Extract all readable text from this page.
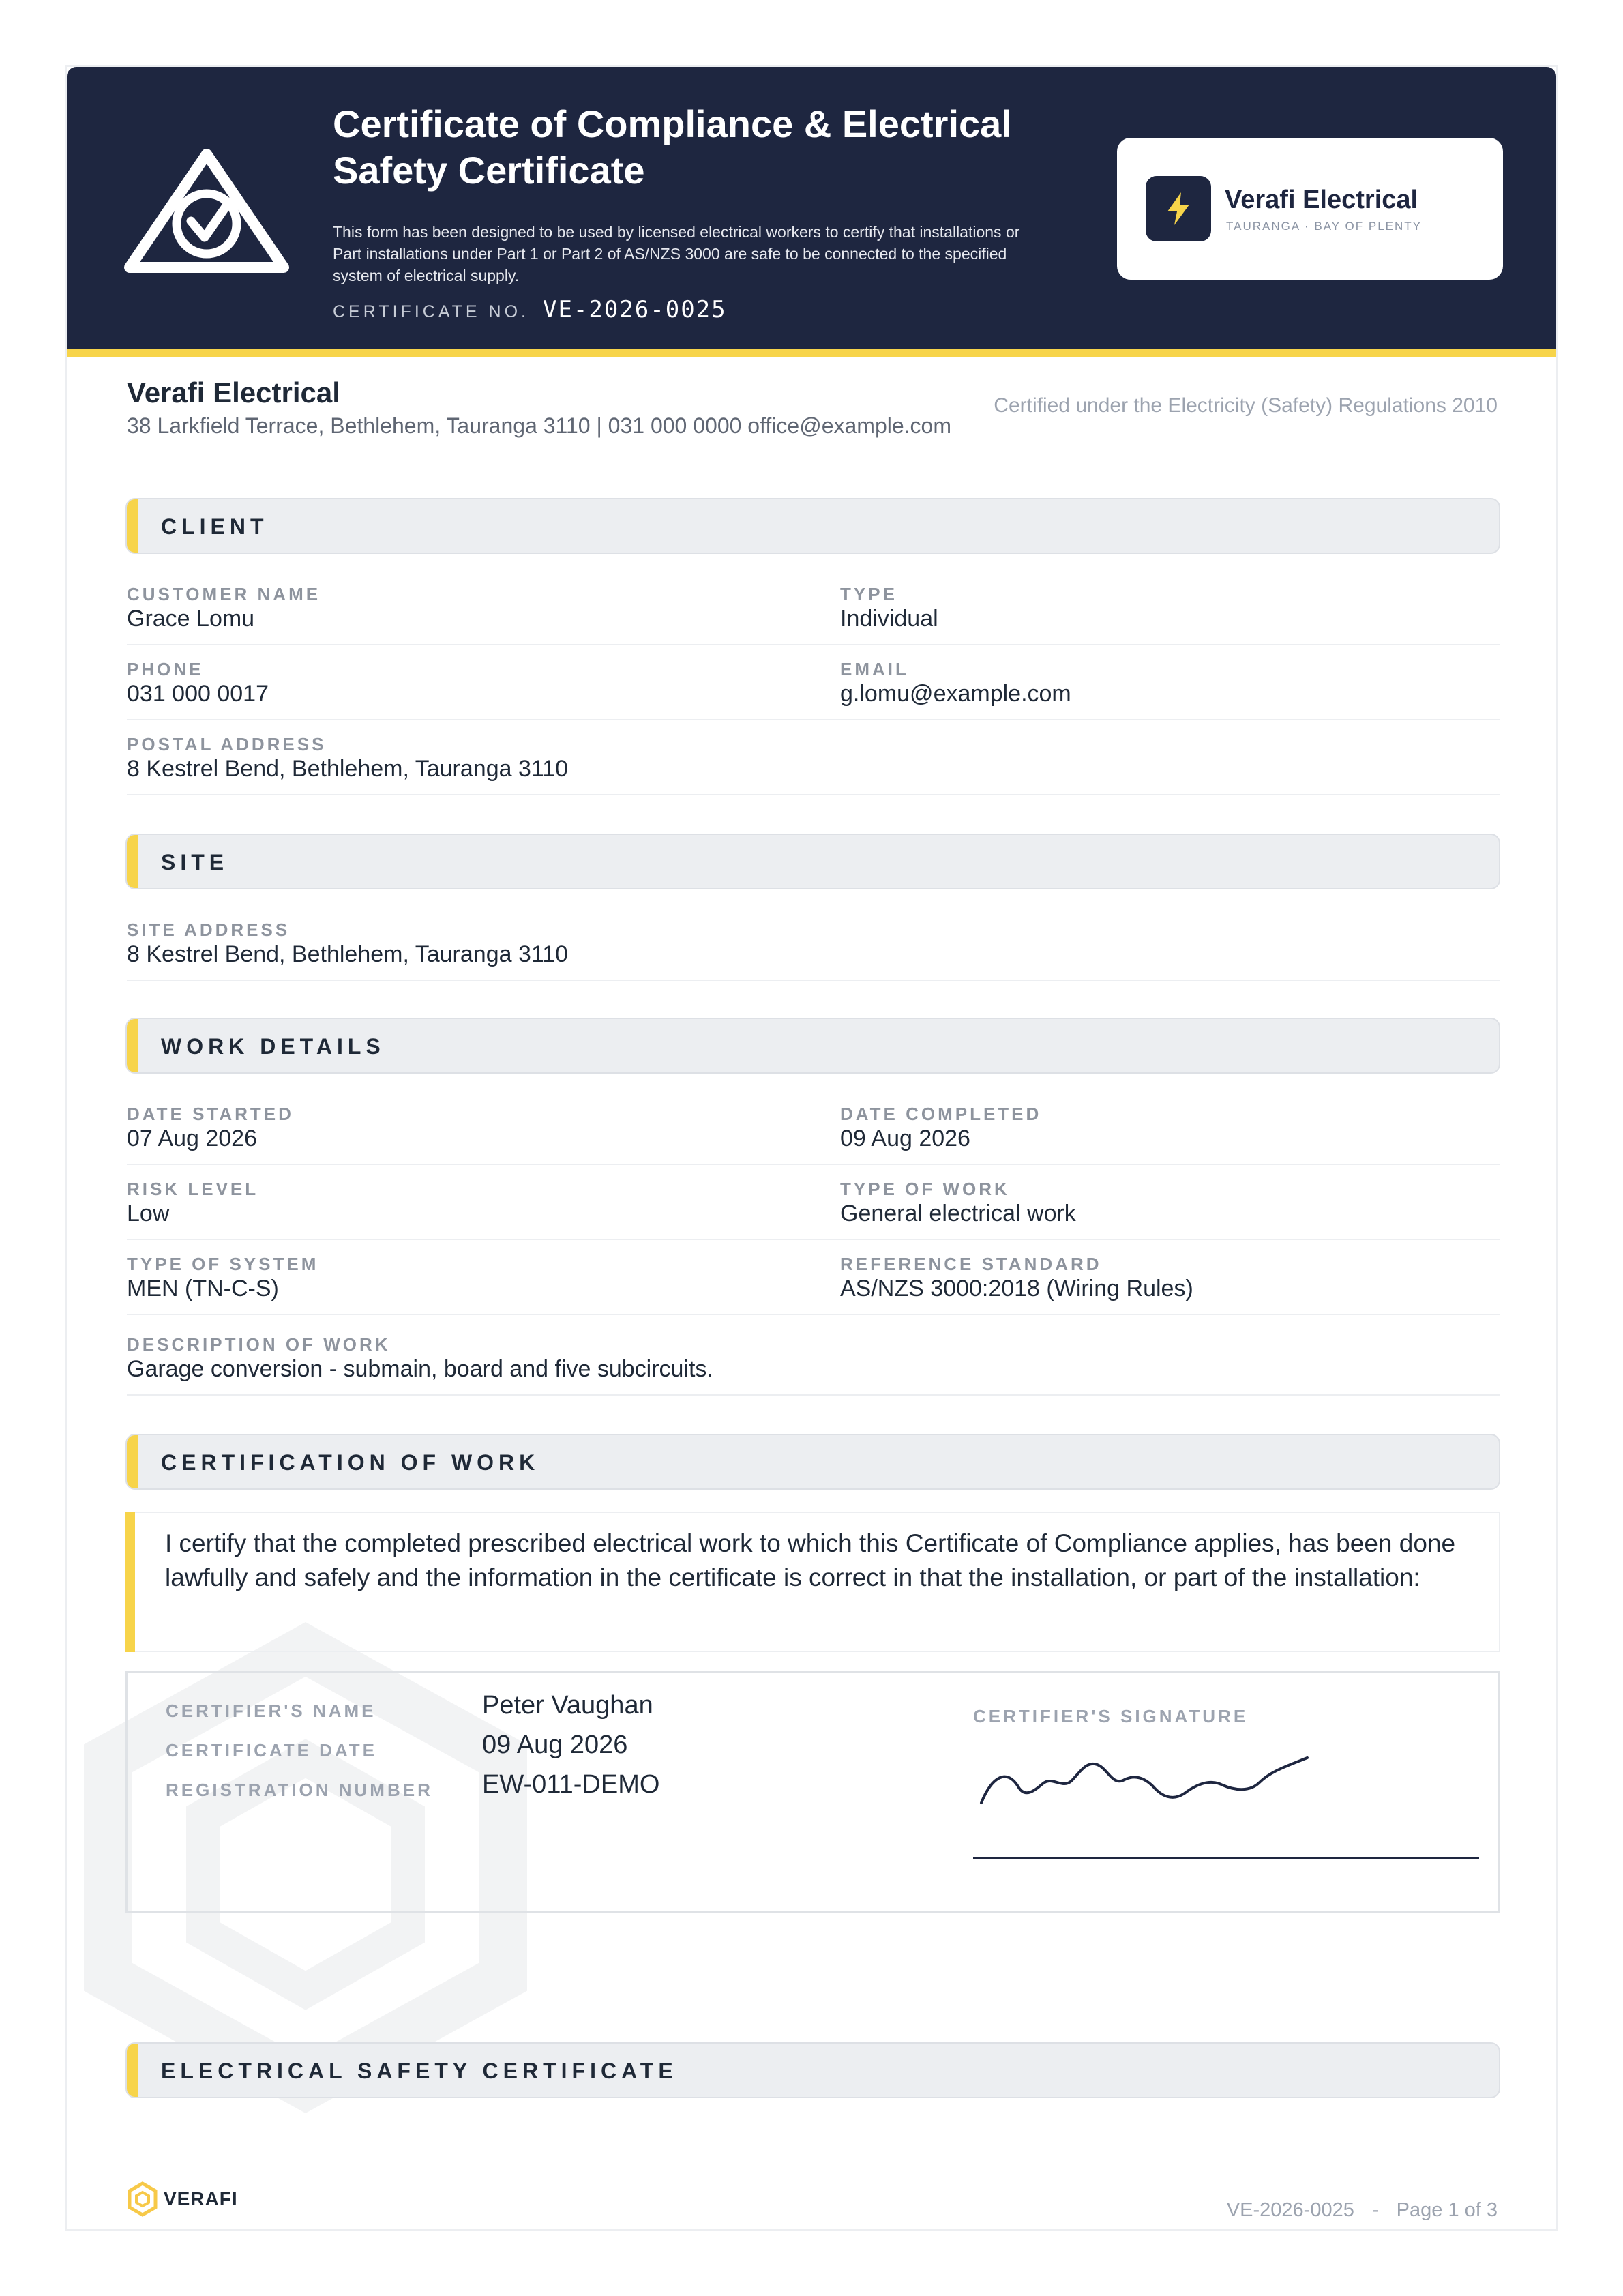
Certificate of Compliance & Electrical Safety Certificate
This form has been designed to be used by licensed electrical workers to certify that installations or Part installations under Part 1 or Part 2 of AS/NZS 3000 are safe to be connected to the specified system of electrical supply.
CERTIFICATE NO. VE-2026-0025
Verafi Electrical
TAURANGA · BAY OF PLENTY
Verafi Electrical
38 Larkfield Terrace, Bethlehem, Tauranga 3110 | 031 000 0000 office@example.com
Certified under the Electricity (Safety) Regulations 2010
CLIENT
CUSTOMER NAME
Grace Lomu
TYPE
Individual
PHONE
031 000 0017
EMAIL
g.lomu@example.com
POSTAL ADDRESS
8 Kestrel Bend, Bethlehem, Tauranga 3110
SITE
SITE ADDRESS
8 Kestrel Bend, Bethlehem, Tauranga 3110
WORK DETAILS
DATE STARTED
07 Aug 2026
DATE COMPLETED
09 Aug 2026
RISK LEVEL
Low
TYPE OF WORK
General electrical work
TYPE OF SYSTEM
MEN (TN-C-S)
REFERENCE STANDARD
AS/NZS 3000:2018 (Wiring Rules)
DESCRIPTION OF WORK
Garage conversion - submain, board and five subcircuits.
CERTIFICATION OF WORK
I certify that the completed prescribed electrical work to which this Certificate of Compliance applies, has been done lawfully and safely and the information in the certificate is correct in that the installation, or part of the installation:
CERTIFIER'S NAME	Peter Vaughan
CERTIFICATE DATE	09 Aug 2026
REGISTRATION NUMBER EW-011-DEMO
CERTIFIER'S SIGNATURE
ELECTRICAL SAFETY CERTIFICATE
VERAFI
VE-2026-0025 - Page 1 of 3
